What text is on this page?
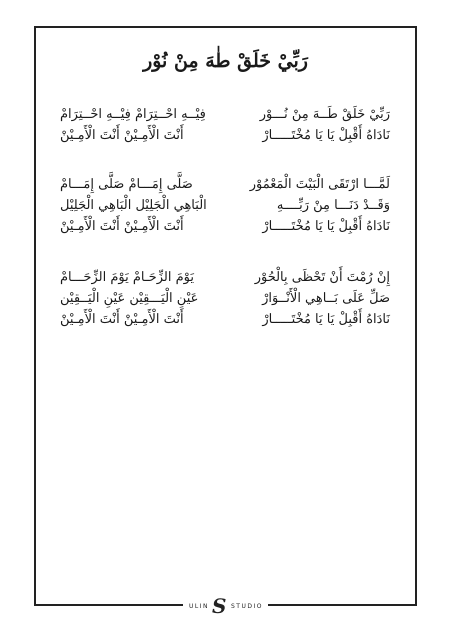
رَبِّيْ خَلَقْ طٰهَ مِنْ نُوْر
رَبِّيْ خَلَقْ طَــهَ مِنْ نُـــوْر
فِيْــهِ احْــتِرَامْ فِيْــهِ احْــتِرَامْ
نَادَاهُ أَقْبِلْ يَا يَا مُخْتَـــــارْ
أَنْتَ الْأَمِـيْنْ أَنْتَ الْأَمِـيْنْ
لَمَّـــا ارْتَقَى الْبَيْتَ الْمَعْمُوْر
صَلَّى إِمَـــامْ صَلَّى إِمَـــامْ
وَقَــدْ دَنَـــا مِنْ رَبِّــــهِ
الْبَاهِي الْجَلِيْل الْبَاهِي الْجَلِيْل
نَادَاهُ أَقْبِلْ يَا يَا مُخْتَـــــارْ
أَنْتَ الْأَمِـيْنْ أَنْتَ الْأَمِـيْنْ
إِنْ رُمْتَ أَنْ تَحْظَى بِالْحُوْر
يَوْمَ الزِّحَـامْ يَوْمَ الزِّحَـــامْ
صَلِّ عَلَى بَــاهِي الْأَنْــوَارْ
عَيْنِ الْيَـــقِيْن عَيْنِ الْيَــقِيْن
نَادَاهُ أَقْبِلْ يَا يَا مُخْتَـــــارْ
أَنْتَ الْأَمِـيْنْ أَنْتَ الْأَمِـيْنْ
ULIN S STUDIO
